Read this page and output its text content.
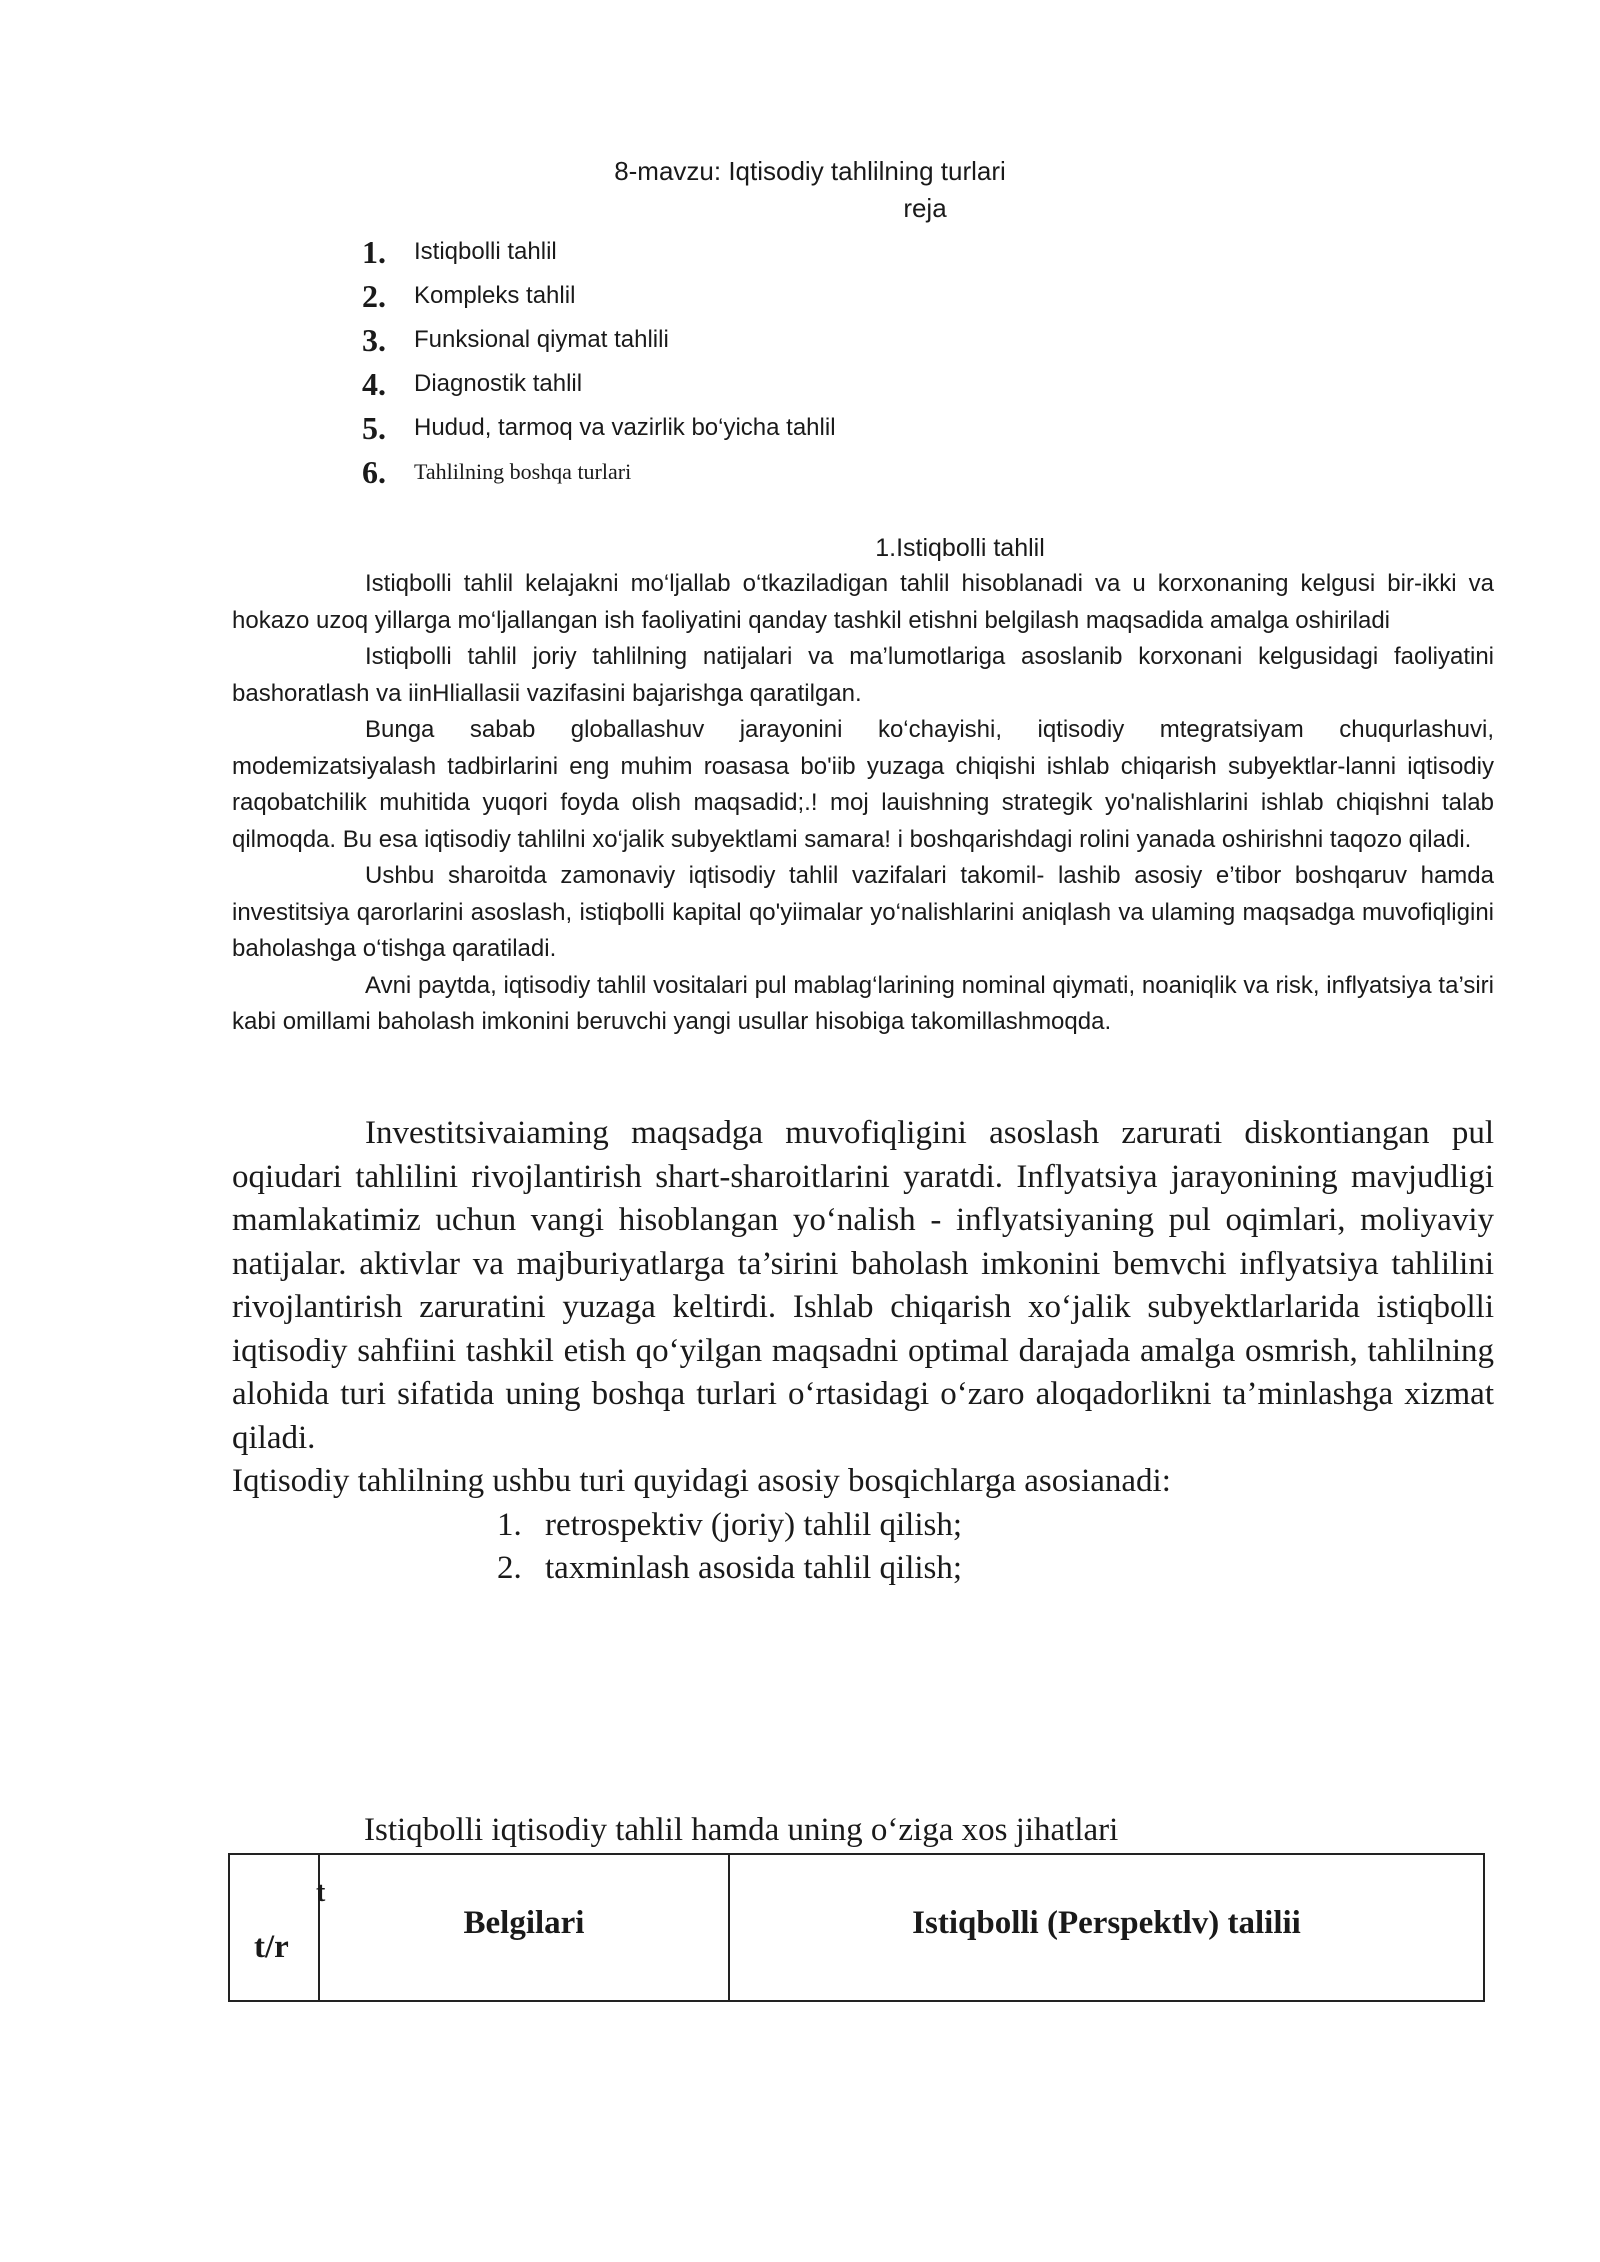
8-mavzu: Iqtisodiy tahlilning turlari
reja
1.	Istiqbolli tahlil
2.	Kompleks tahlil
3.	Funksional qiymat tahlili
4.	Diagnostik tahlil
5.	Hudud, tarmoq va vazirlik bo‘yicha tahlil
6.	Tahlilning boshqa turlari
1.Istiqbolli tahlil

Istiqbolli tahlil kelajakni mo‘ljallab o‘tkaziladigan tahlil hisoblanadi va u korxonaning kelgusi bir-ikki va hokazo uzoq yillarga mo‘ljallangan ish faoliyatini qanday tashkil etishni belgilash maqsadida amalga oshiriladi

Istiqbolli tahlil joriy tahlilning natijalari va ma’lumotlariga asoslanib korxonani kelgusidagi faoliyatini bashoratlash va iinHliallasii vazifasini bajarishga qaratilgan.

Bunga sabab globallashuv jarayonini ko‘chayishi, iqtisodiy mtegratsiyam chuqurlashuvi, modemizatsiyalash tadbirlarini eng muhim roasasa bo'iib yuzaga chiqishi ishlab chiqarish subyektlar-lanni iqtisodiy raqobatchilik muhitida yuqori foyda olish maqsadid;.! moj lauishning strategik yo'nalishlarini ishlab chiqishni talab qilmoqda. Bu esa iqtisodiy tahlilni xo‘jalik subyektlami samara! i boshqarishdagi rolini yanada oshirishni taqozo qiladi.

Ushbu sharoitda zamonaviy iqtisodiy tahlil vazifalari takomil- lashib asosiy e’tibor boshqaruv hamda investitsiya qarorlarini asoslash, istiqbolli kapital qo'yiimalar yo‘nalishlarini aniqlash va ulaming maqsadga muvofiqligini baholashga o‘tishga qaratiladi.

Avni paytda, iqtisodiy tahlil vositalari pul mablag‘larining nominal qiymati, noaniqlik va risk, inflyatsiya ta’siri kabi omillami baholash imkonini beruvchi yangi usullar hisobiga takomillashmoqda.

Investitsivaiaming maqsadga muvofiqligini asoslash zarurati diskontiangan pul oqiudari tahlilini rivojlantirish shart-sharoitlarini yaratdi. Inflyatsiya jarayonining mavjudligi mamlakatimiz uchun vangi hisoblangan yo‘nalish - inflyatsiyaning pul oqimlari, moliyaviy natijalar. aktivlar va majburiyatlarga ta’sirini baholash imkonini bemvchi inflyatsiya tahlilini rivojlantirish zaruratini yuzaga keltirdi. Ishlab chiqarish xo‘jalik subyektlarlarida istiqbolli iqtisodiy sahfiini tashkil etish qo‘yilgan maqsadni optimal darajada amalga osmrish, tahlilning alohida turi sifatida uning boshqa turlari o‘rtasidagi o‘zaro aloqadorlikni ta’minlashga xizmat qiladi.

Iqtisodiy tahlilning ushbu turi quyidagi asosiy bosqichlarga asosianadi:

1. retrospektiv (joriy) tahlil qilish;
2. taxminlash asosida tahlil qilish;
Istiqbolli iqtisodiy tahlil hamda uning o‘ziga xos jihatlari
t
t/r
Belgilari	Istiqbolli (Perspektlv) talilii
